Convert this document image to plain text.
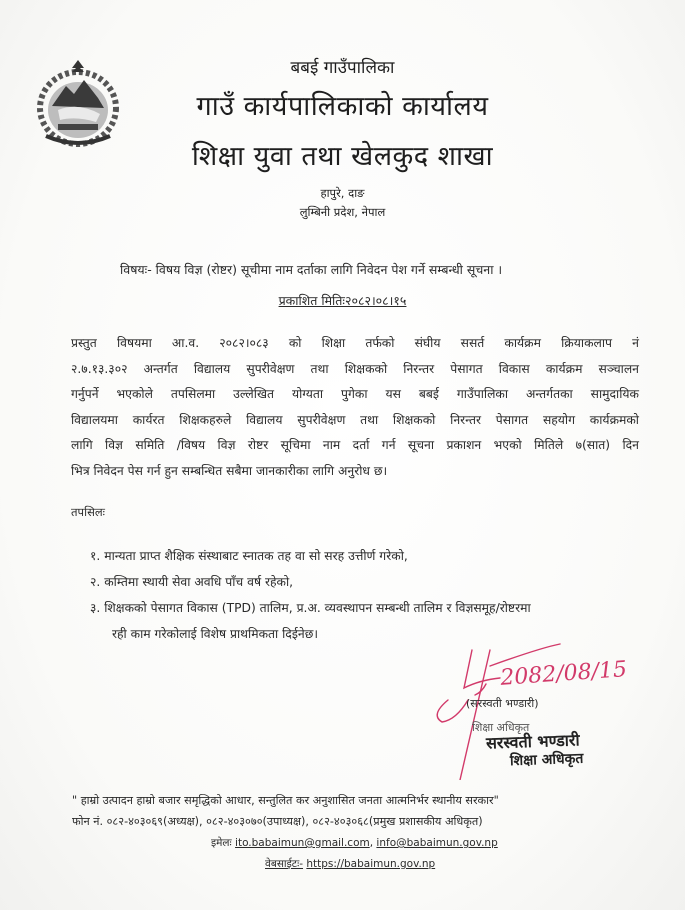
बबई गाउँपालिका
गाउँ कार्यपालिकाको कार्यालय
शिक्षा युवा तथा खेलकुद शाखा
हापुरे, दाङ
लुम्बिनी प्रदेश, नेपाल
विषयः- विषय विज्ञ (रोष्टर) सूचीमा नाम दर्ताका लागि निवेदन पेश गर्ने सम्बन्धी सूचना ।
प्रकाशित मितिः२०८२।०८।१५
प्रस्तुत विषयमा आ.व. २०८२।०८३ को शिक्षा तर्फको संघीय ससर्त कार्यक्रम क्रियाकलाप नं
२.७.१३.३०२ अन्तर्गत विद्यालय सुपरीवेक्षण तथा शिक्षकको निरन्तर पेसागत विकास कार्यक्रम सञ्चालन
गर्नुपर्ने भएकोले तपसिलमा उल्लेखित योग्यता पुगेका यस बबई गाउँपालिका अन्तर्गतका सामुदायिक
विद्यालयमा कार्यरत शिक्षकहरुले विद्यालय सुपरीवेक्षण तथा शिक्षकको निरन्तर पेसागत सहयोग कार्यक्रमको
लागि विज्ञ समिति /विषय विज्ञ रोष्टर सूचिमा नाम दर्ता गर्न सूचना प्रकाशन भएको मितिले ७(सात) दिन
भित्र निवेदन पेस गर्न हुन सम्बन्धित सबैमा जानकारीका लागि अनुरोध छ।
तपसिलः
१. मान्यता प्राप्त शैक्षिक संस्थाबाट स्नातक तह वा सो सरह उत्तीर्ण गरेको,
२. कम्तिमा स्थायी सेवा अवधि पाँच वर्ष रहेको,
३. शिक्षकको पेसागत विकास (TPD) तालिम, प्र.अ. व्यवस्थापन सम्बन्धी तालिम र विज्ञसमूह/रोष्टरमा
रही काम गरेकोलाई विशेष प्राथमिकता दिईनेछ।
2082/08/15
(सरस्वती भण्डारी)
शिक्षा अधिकृत
सरस्वती भण्डारी
शिक्षा अधिकृत
" हाम्रो उत्पादन हाम्रो बजार समृद्धिको आधार, सन्तुलित कर अनुशासित जनता आत्मनिर्भर स्थानीय सरकार"
फोन नं. ०८२-४०३०६९(अध्यक्ष), ०८२-४०३०७०(उपाध्यक्ष), ०८२-४०३०६८(प्रमुख प्रशासकीय अधिकृत)
इमेलः ito.babaimun@gmail.com, info@babaimun.gov.np
वेबसाईटः- https://babaimun.gov.np
